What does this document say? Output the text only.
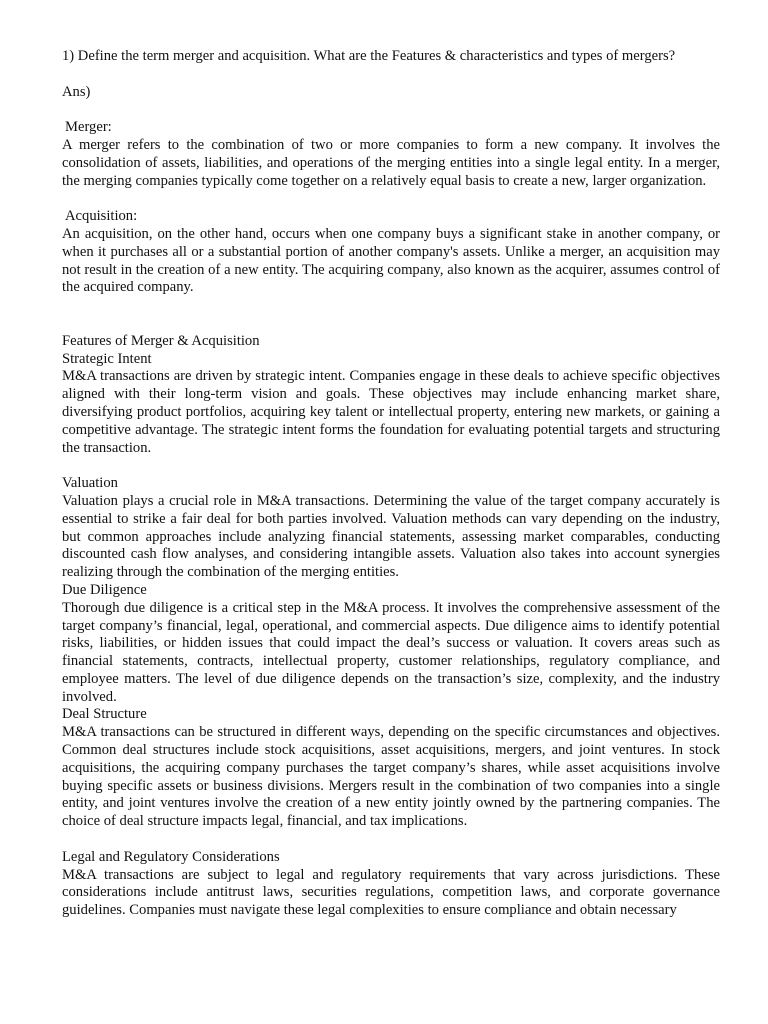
1) Define the term merger and acquisition. What are the Features & characteristics and types of mergers?

Ans)

Merger:

A merger refers to the combination of two or more companies to form a new company. It involves the consolidation of assets, liabilities, and operations of the merging entities into a single legal entity. In a merger, the merging companies typically come together on a relatively equal basis to create a new, larger organization.

Acquisition:

An acquisition, on the other hand, occurs when one company buys a significant stake in another company, or when it purchases all or a substantial portion of another company's assets. Unlike a merger, an acquisition may not result in the creation of a new entity. The acquiring company, also known as the acquirer, assumes control of the acquired company.

Features of Merger & Acquisition

Strategic Intent

M&A transactions are driven by strategic intent. Companies engage in these deals to achieve specific objectives aligned with their long-term vision and goals. These objectives may include enhancing market share, diversifying product portfolios, acquiring key talent or intellectual property, entering new markets, or gaining a competitive advantage. The strategic intent forms the foundation for evaluating potential targets and structuring the transaction.

Valuation

Valuation plays a crucial role in M&A transactions. Determining the value of the target company accurately is essential to strike a fair deal for both parties involved. Valuation methods can vary depending on the industry, but common approaches include analyzing financial statements, assessing market comparables, conducting discounted cash flow analyses, and considering intangible assets. Valuation also takes into account synergies realizing through the combination of the merging entities.

Due Diligence

Thorough due diligence is a critical step in the M&A process. It involves the comprehensive assessment of the target company’s financial, legal, operational, and commercial aspects. Due diligence aims to identify potential risks, liabilities, or hidden issues that could impact the deal’s success or valuation. It covers areas such as financial statements, contracts, intellectual property, customer relationships, regulatory compliance, and employee matters. The level of due diligence depends on the transaction’s size, complexity, and the industry involved.

Deal Structure

M&A transactions can be structured in different ways, depending on the specific circumstances and objectives. Common deal structures include stock acquisitions, asset acquisitions, mergers, and joint ventures. In stock acquisitions, the acquiring company purchases the target company’s shares, while asset acquisitions involve buying specific assets or business divisions. Mergers result in the combination of two companies into a single entity, and joint ventures involve the creation of a new entity jointly owned by the partnering companies. The choice of deal structure impacts legal, financial, and tax implications.

Legal and Regulatory Considerations

M&A transactions are subject to legal and regulatory requirements that vary across jurisdictions. These considerations include antitrust laws, securities regulations, competition laws, and corporate governance guidelines. Companies must navigate these legal complexities to ensure compliance and obtain necessary
